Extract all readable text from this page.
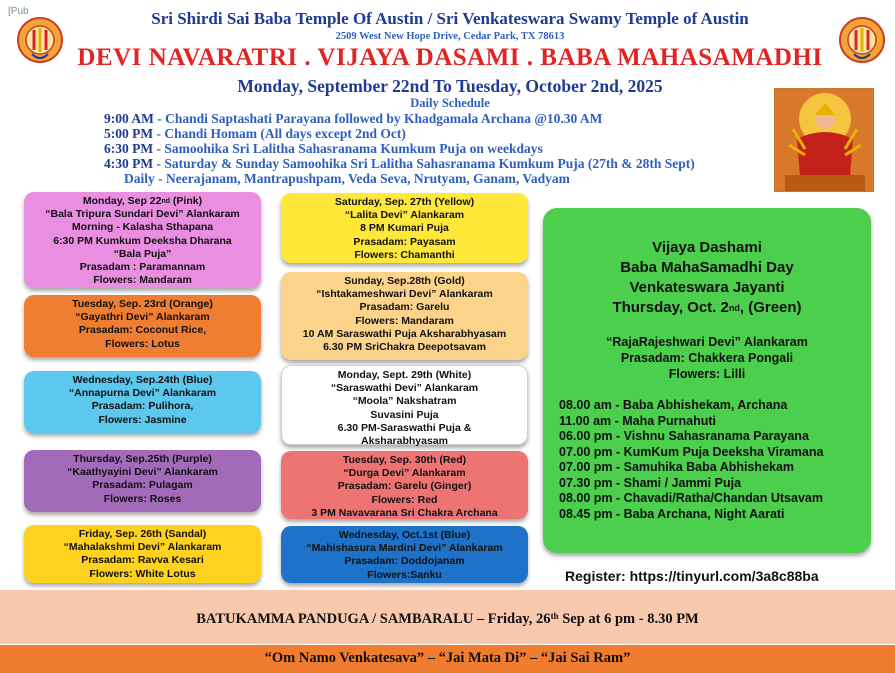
[Pub	Sri Shirdi Sai Baba Temple Of Austin / Sri Venkateswara Swamy Temple of Austin
2509 West New Hope Drive, Cedar Park, TX 78613
DEVI NAVARATRI . VIJAYA DASAMI . BABA MAHASAMADHI
Monday, September 22nd To Tuesday, October 2nd, 2025
Daily Schedule
9:00 AM - Chandi Saptashati Parayana followed by Khadgamala Archana @10.30 AM
5:00 PM - Chandi Homam (All days except 2nd Oct)
6:30 PM - Samoohika Sri Lalitha Sahasranama Kumkum Puja on weekdays
4:30 PM - Saturday & Sunday Samoohika Sri Lalitha Sahasranama Kumkum Puja (27th & 28th Sept)
Daily - Neerajanam, Mantrapushpam, Veda Seva, Nrutyam, Ganam, Vadyam
Monday, Sep 22nd (Pink)
“Bala Tripura Sundari Devi” Alankaram
Morning - Kalasha Sthapana
6:30 PM Kumkum Deeksha Dharana
“Bala Puja”
Prasadam : Paramannam
Flowers: Mandaram
Tuesday, Sep. 23rd (Orange)
“Gayathri Devi” Alankaram
Prasadam: Coconut Rice,
Flowers: Lotus
Wednesday, Sep.24th (Blue)
“Annapurna Devi” Alankaram
Prasadam: Pulihora,
Flowers: Jasmine
Thursday, Sep.25th (Purple)
“Kaathyayini Devi” Alankaram
Prasadam: Pulagam
Flowers: Roses
Friday, Sep. 26th (Sandal)
“Mahalakshmi Devi” Alankaram
Prasadam: Ravva Kesari
Flowers: White Lotus
Saturday, Sep. 27th (Yellow)
“Lalita Devi” Alankaram
8 PM Kumari Puja
Prasadam: Payasam
Flowers: Chamanthi
Sunday, Sep.28th (Gold)
“Ishtakameshwari Devi” Alankaram
Prasadam: Garelu
Flowers: Mandaram
10 AM Saraswathi Puja Aksharabhyasam
6.30 PM SriChakra Deepotsavam
Monday, Sept. 29th (White)
“Saraswathi Devi” Alankaram
“Moola” Nakshatram
Suvasini Puja
6.30 PM-Saraswathi Puja &
Aksharabhyasam
Tuesday, Sep. 30th (Red)
“Durga Devi” Alankaram
Prasadam: Garelu (Ginger)
Flowers: Red
3 PM Navavarana Sri Chakra Archana
Wednesday, Oct.1st (Blue)
“Mahishasura Mardini Devi” Alankaram
Prasadam: Doddojanam
Flowers:Sanku
Vijaya Dashami
Baba MahaSamadhi Day
Venkateswara Jayanti
Thursday, Oct. 2nd, (Green)
“RajaRajeshwari Devi” Alankaram
Prasadam: Chakkera Pongali
Flowers: Lilli
08.00 am - Baba Abhishekam, Archana
11.00 am - Maha Purnahuti
06.00 pm - Vishnu Sahasranama Parayana
07.00 pm - KumKum Puja Deeksha Viramana
07.00 pm - Samuhika Baba Abhishekam
07.30 pm - Shami / Jammi Puja
08.00 pm - Chavadi/Ratha/Chandan Utsavam
08.45 pm - Baba Archana, Night Aarati
Register: https://tinyurl.com/3a8c88ba
BATUKAMMA PANDUGA / SAMBARALU – Friday, 26th Sep at 6 pm - 8.30 PM
“Om Namo Venkatesava” – “Jai Mata Di” – “Jai Sai Ram”
